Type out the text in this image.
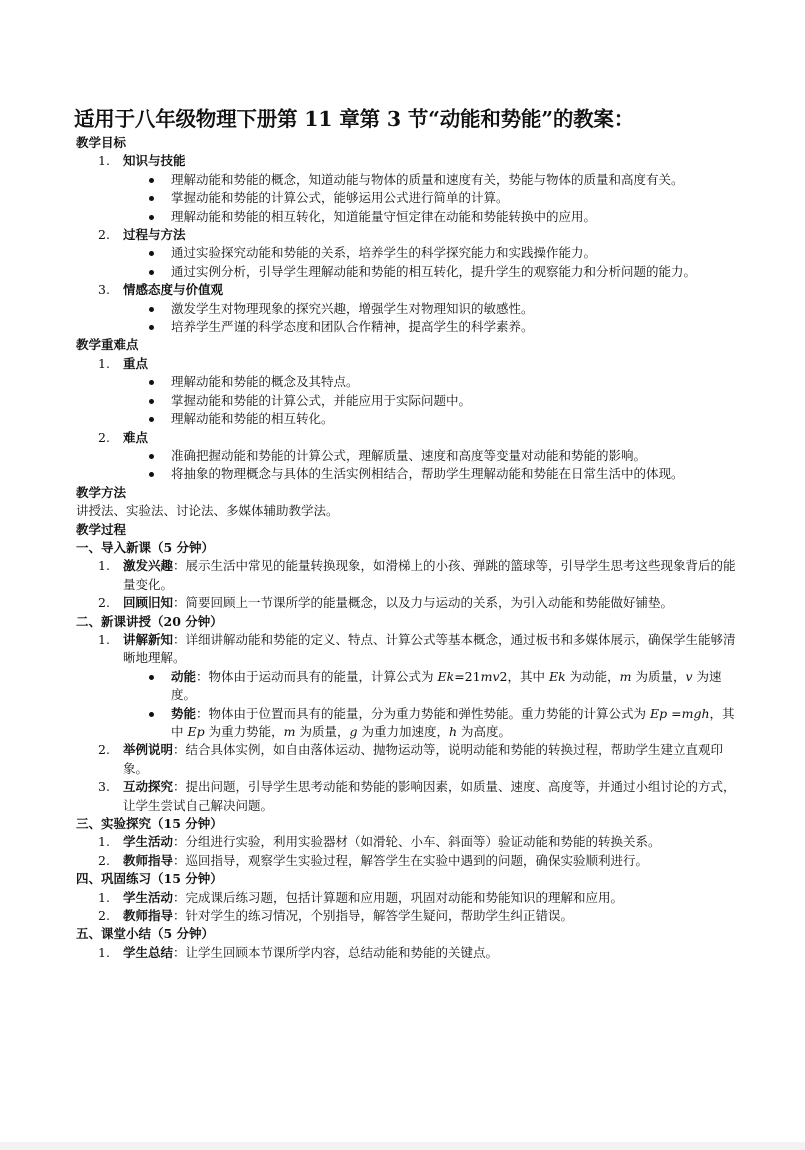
适用于八年级物理下册第 11 章第 3 节“动能和势能”的教案：
教学目标
1. 知识与技能
理解动能和势能的概念，知道动能与物体的质量和速度有关，势能与物体的质量和高度有关。
掌握动能和势能的计算公式，能够运用公式进行简单的计算。
理解动能和势能的相互转化，知道能量守恒定律在动能和势能转换中的应用。
2. 过程与方法
通过实验探究动能和势能的关系，培养学生的科学探究能力和实践操作能力。
通过实例分析，引导学生理解动能和势能的相互转化，提升学生的观察能力和分析问题的能力。
3. 情感态度与价值观
激发学生对物理现象的探究兴趣，增强学生对物理知识的敏感性。
培养学生严谨的科学态度和团队合作精神，提高学生的科学素养。
教学重难点
1. 重点
理解动能和势能的概念及其特点。
掌握动能和势能的计算公式，并能应用于实际问题中。
理解动能和势能的相互转化。
2. 难点
准确把握动能和势能的计算公式，理解质量、速度和高度等变量对动能和势能的影响。
将抽象的物理概念与具体的生活实例相结合，帮助学生理解动能和势能在日常生活中的体现。
教学方法
讲授法、实验法、讨论法、多媒体辅助教学法。
教学过程
一、导入新课（5 分钟）
1. 激发兴趣：展示生活中常见的能量转换现象，如滑梯上的小孩、弹跳的篮球等，引导学生思考这些现象背后的能量变化。
2. 回顾旧知：简要回顾上一节课所学的能量概念，以及力与运动的关系，为引入动能和势能做好铺垫。
二、新课讲授（20 分钟）
1. 讲解新知：详细讲解动能和势能的定义、特点、计算公式等基本概念，通过板书和多媒体展示，确保学生能够清晰地理解。
动能：物体由于运动而具有的能量，计算公式为 Ek=21mv2，其中 Ek 为动能，m 为质量，v 为速度。
势能：物体由于位置而具有的能量，分为重力势能和弹性势能。重力势能的计算公式为 Ep =mgh，其中 Ep 为重力势能，m 为质量，g 为重力加速度，h 为高度。
2. 举例说明：结合具体实例，如自由落体运动、抛物运动等，说明动能和势能的转换过程，帮助学生建立直观印象。
3. 互动探究：提出问题，引导学生思考动能和势能的影响因素，如质量、速度、高度等，并通过小组讨论的方式，让学生尝试自己解决问题。
三、实验探究（15 分钟）
1. 学生活动：分组进行实验，利用实验器材（如滑轮、小车、斜面等）验证动能和势能的转换关系。
2. 教师指导：巡回指导，观察学生实验过程，解答学生在实验中遇到的问题，确保实验顺利进行。
四、巩固练习（15 分钟）
1. 学生活动：完成课后练习题，包括计算题和应用题，巩固对动能和势能知识的理解和应用。
2. 教师指导：针对学生的练习情况，个别指导，解答学生疑问，帮助学生纠正错误。
五、课堂小结（5 分钟）
1. 学生总结：让学生回顾本节课所学内容，总结动能和势能的关键点。
